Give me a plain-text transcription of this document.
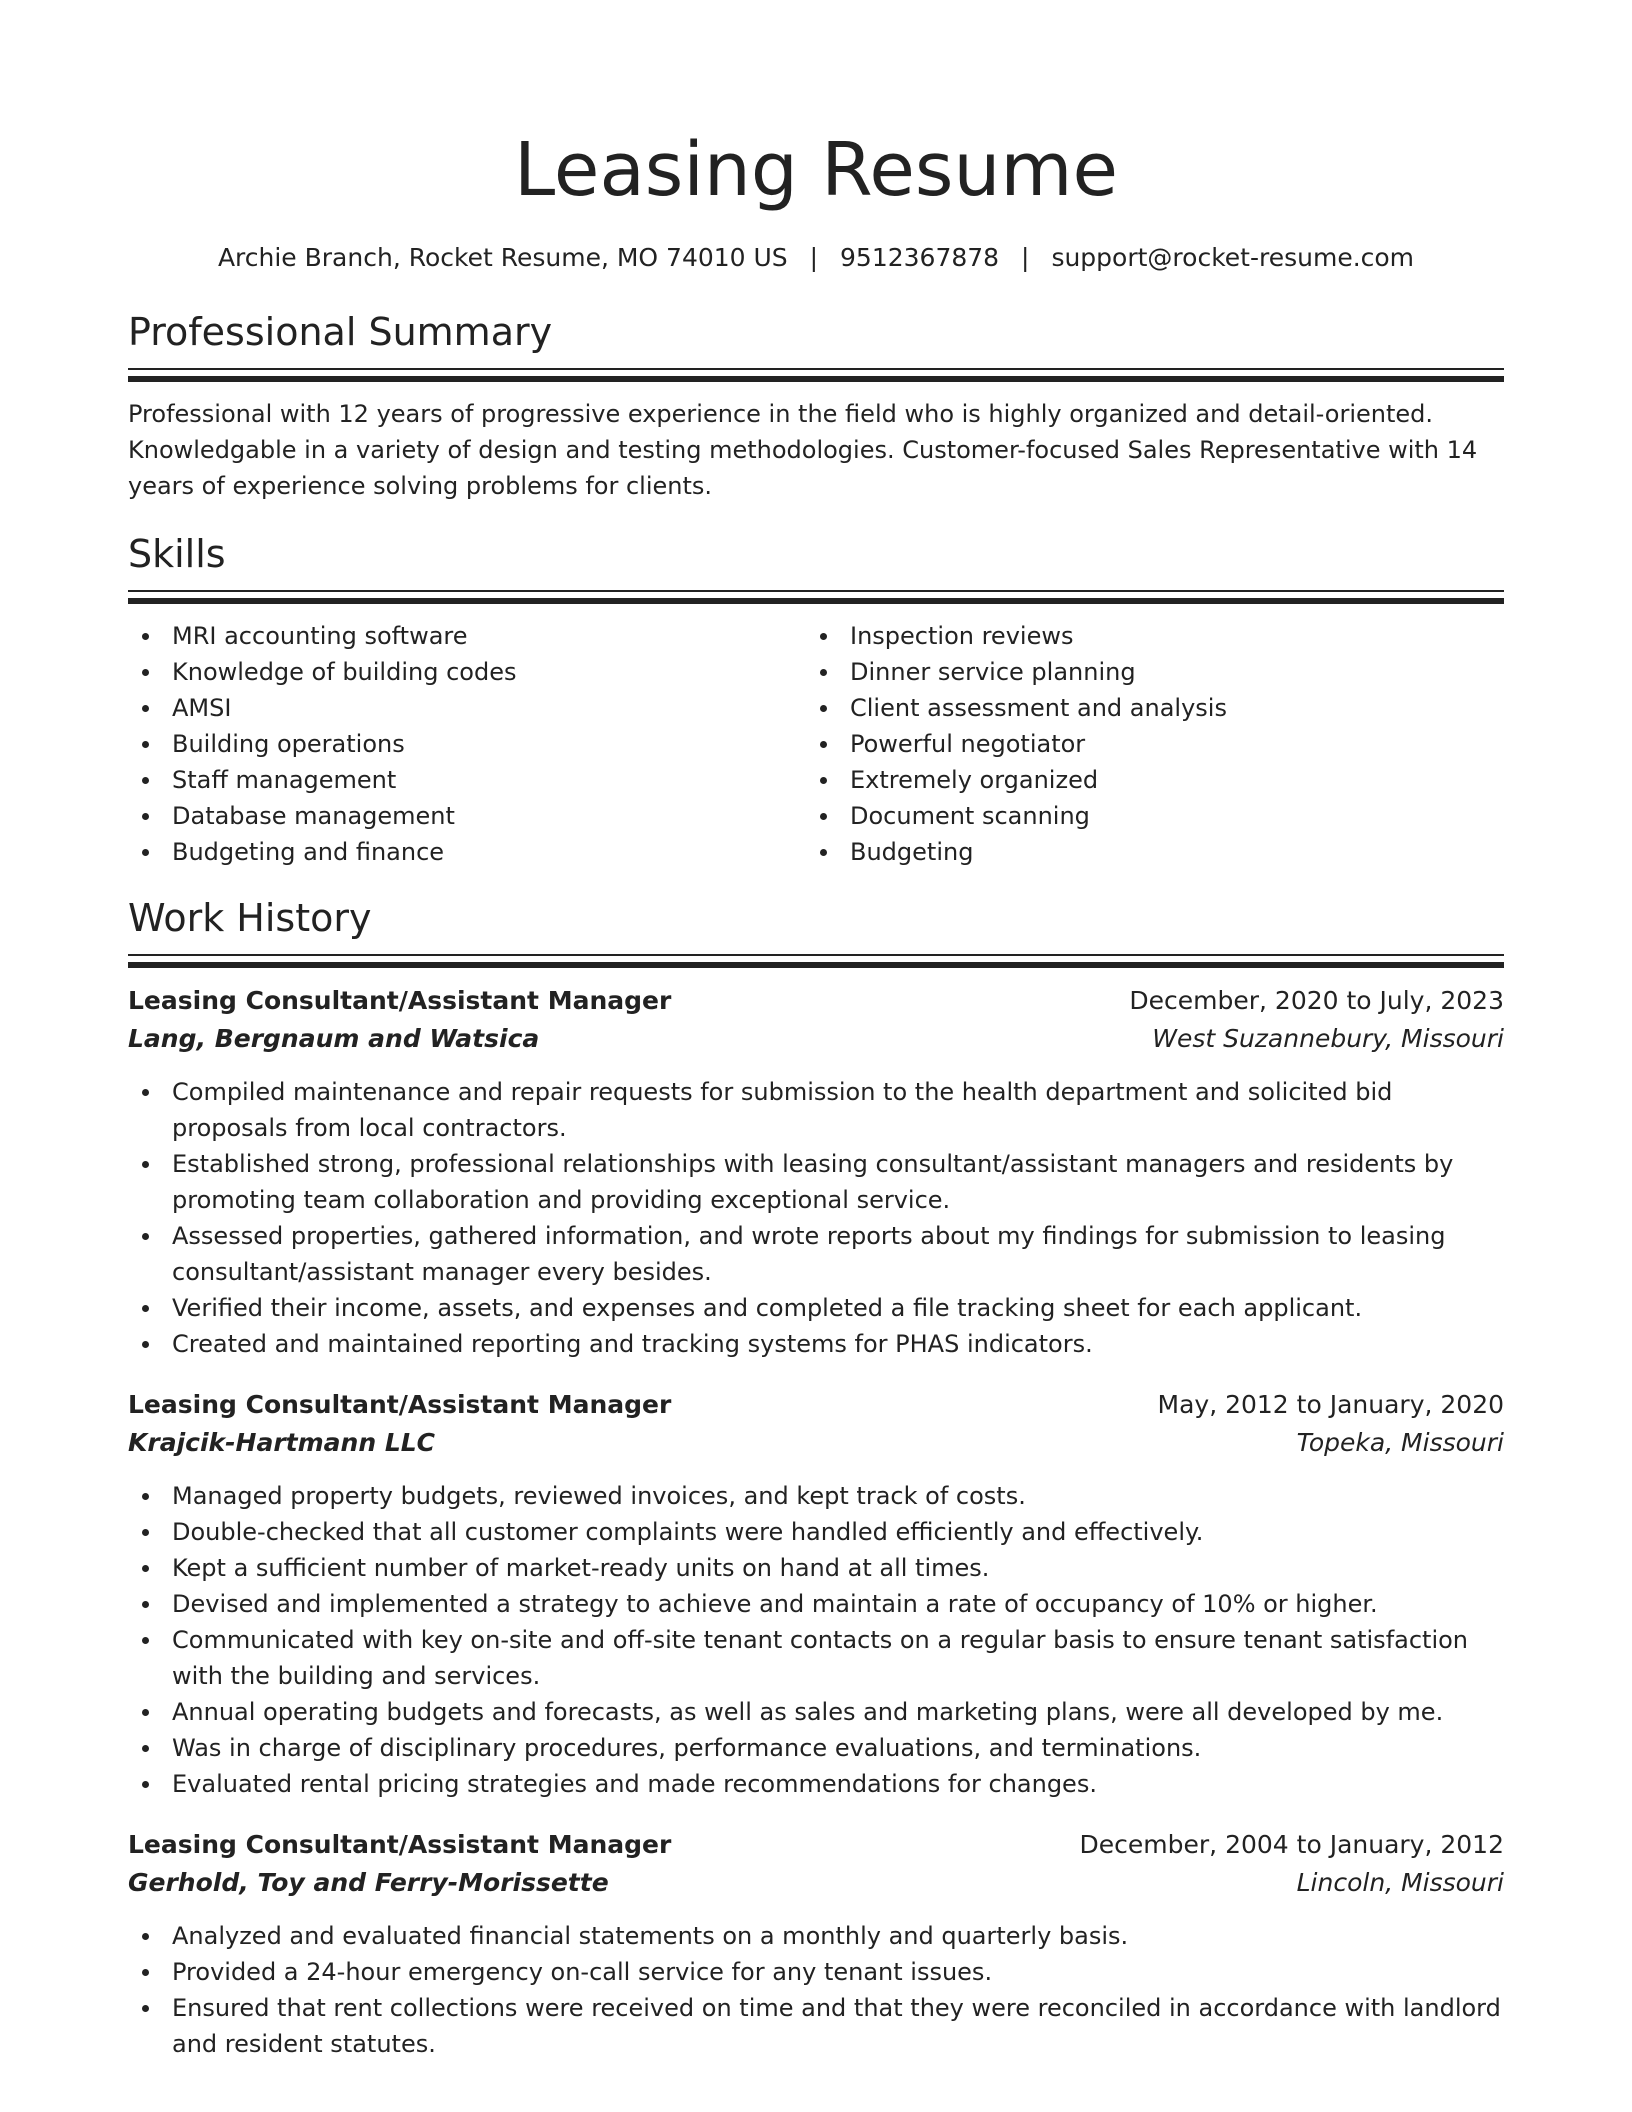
Leasing Resume
Archie Branch, Rocket Resume, MO 74010 US | 9512367878 | support@rocket-resume.com
Professional Summary

Professional with 12 years of progressive experience in the field who is highly organized and detail-oriented. Knowledgable in a variety of design and testing methodologies. Customer-focused Sales Representative with 14 years of experience solving problems for clients.

Skills
MRI accounting software
Knowledge of building codes
AMSI
Building operations
Staff management
Database management
Budgeting and finance
Inspection reviews
Dinner service planning
Client assessment and analysis
Powerful negotiator
Extremely organized
Document scanning
Budgeting
Work History
Leasing Consultant/Assistant Manager	December, 2020 to July, 2023
Lang, Bergnaum and Watsica	West Suzannebury, Missouri
Compiled maintenance and repair requests for submission to the health department and solicited bid proposals from local contractors.
Established strong, professional relationships with leasing consultant/assistant managers and residents by promoting team collaboration and providing exceptional service.
Assessed properties, gathered information, and wrote reports about my findings for submission to leasing consultant/assistant manager every besides.
Verified their income, assets, and expenses and completed a file tracking sheet for each applicant.
Created and maintained reporting and tracking systems for PHAS indicators.
Leasing Consultant/Assistant Manager	May, 2012 to January, 2020
Krajcik-Hartmann LLC	Topeka, Missouri
Managed property budgets, reviewed invoices, and kept track of costs.
Double-checked that all customer complaints were handled efficiently and effectively.
Kept a sufficient number of market-ready units on hand at all times.
Devised and implemented a strategy to achieve and maintain a rate of occupancy of 10% or higher.
Communicated with key on-site and off-site tenant contacts on a regular basis to ensure tenant satisfaction with the building and services.
Annual operating budgets and forecasts, as well as sales and marketing plans, were all developed by me.
Was in charge of disciplinary procedures, performance evaluations, and terminations.
Evaluated rental pricing strategies and made recommendations for changes.
Leasing Consultant/Assistant Manager	December, 2004 to January, 2012
Gerhold, Toy and Ferry-Morissette	Lincoln, Missouri
Analyzed and evaluated financial statements on a monthly and quarterly basis.
Provided a 24-hour emergency on-call service for any tenant issues.
Ensured that rent collections were received on time and that they were reconciled in accordance with landlord and resident statutes.
